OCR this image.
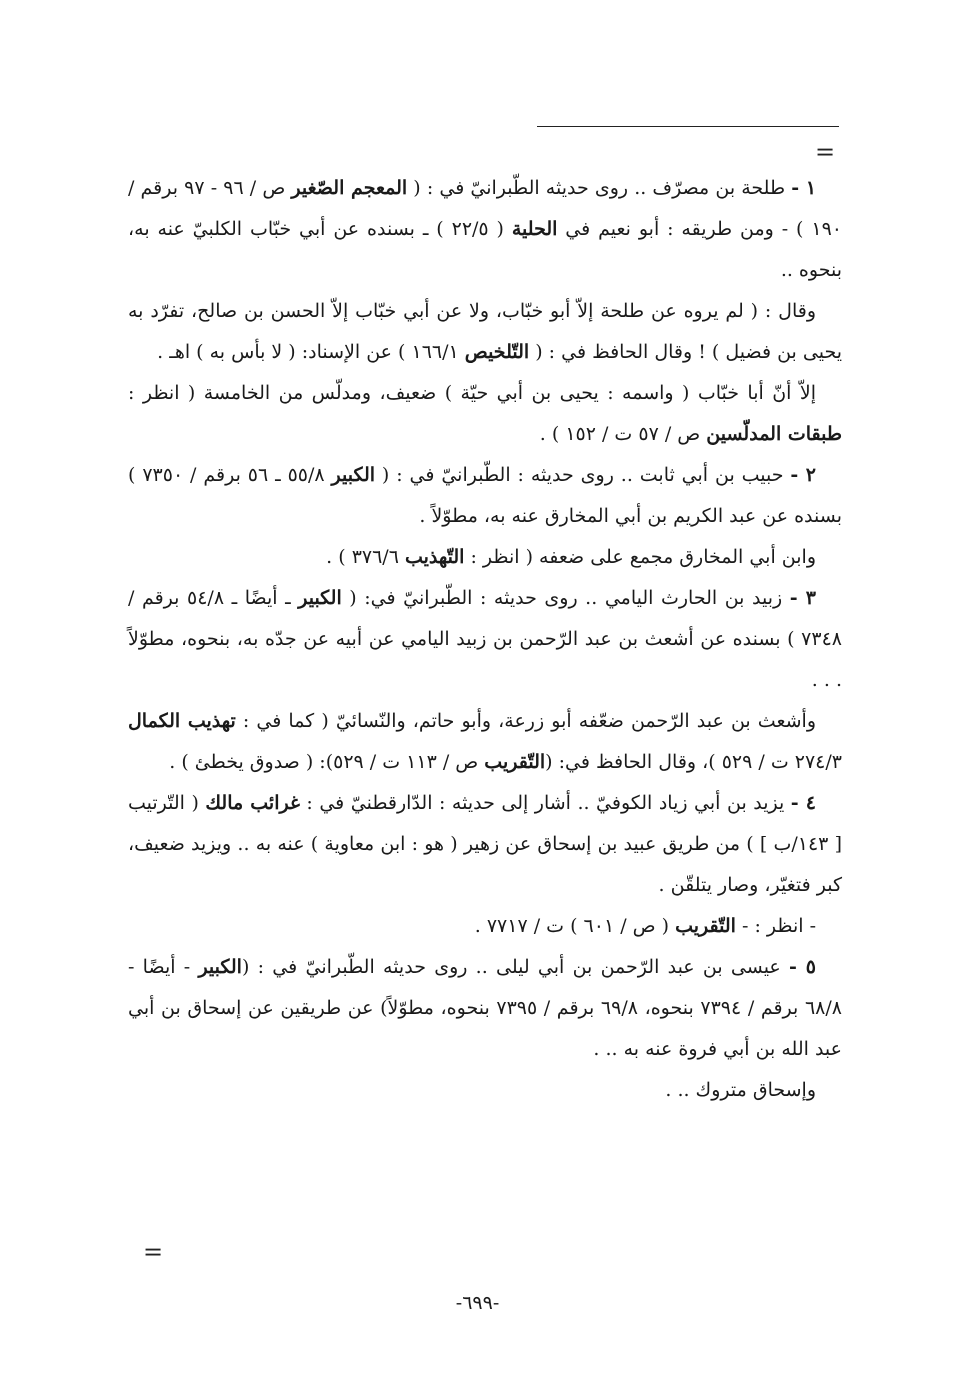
=

١ - طلحة بن مصرّف .. روى حديثه الطّبرانيّ في : ( المعجم الصّغير ص / ٩٦ - ٩٧ برقم / ١٩٠ ) - ومن طريقه : أبو نعيم في الحلية ( ٢٢/٥ ) ـ بسنده عن أبي خبّاب الكلبيّ عنه به، بنحوه ..

وقال : ( لم يروه عن طلحة إلاّ أبو خبّاب، ولا عن أبي خبّاب إلاّ الحسن بن صالح، تفرّد به يحيى بن فضيل ) ! وقال الحافظ في : ( التّلخيص ١٦٦/١ ) عن الإسناد: ( لا بأس به ) اهـ .

إلاّ أنّ أبا خبّاب ( واسمه : يحيى بن أبي حيّة ) ضعيف، ومدلّس من الخامسة ( انظر : طبقات المدلّسين ص / ٥٧ ت / ١٥٢ ) .

٢ - حبيب بن أبي ثابت .. روى حديثه : الطّبرانيّ في : ( الكبير ٥٥/٨ ـ ٥٦ برقم / ٧٣٥٠ ) بسنده عن عبد الكريم بن أبي المخارق عنه به، مطوّلاً .

وابن أبي المخارق مجمع على ضعفه ( انظر : التّهذيب ٣٧٦/٦ ) .

٣ - زبيد بن الحارث اليامي .. روى حديثه : الطّبرانيّ في: ( الكبير ـ أيضًا ـ ٥٤/٨ برقم / ٧٣٤٨ ) بسنده عن أشعث بن عبد الرّحمن بن زبيد اليامي عن أبيه عن جدّه به، بنحوه، مطوّلاً . . .

وأشعث بن عبد الرّحمن ضعّفه أبو زرعة، وأبو حاتم، والنّسائيّ ( كما في : تهذيب الكمال ٢٧٤/٣ ت / ٥٢٩ )، وقال الحافظ في: (التّقريب ص / ١١٣ ت / ٥٢٩): ( صدوق يخطئ ) .

٤ - يزيد بن أبي زياد الكوفيّ .. أشار إلى حديثه : الدّارقطنيّ في : غرائب مالك ( التّرتيب [ ١٤٣/ب ] ) من طريق عبيد بن إسحاق عن زهير ( هو : ابن معاوية ) عنه به .. ويزيد ضعيف، كبر فتغيّر، وصار يتلقّن .

- انظر : - التّقريب ( ص / ٦٠١ ) ت / ٧٧١٧ .

٥ - عيسى بن عبد الرّحمن بن أبي ليلى .. روى حديثه الطّبرانيّ في : (الكبير - أيضًا - ٦٨/٨ برقم / ٧٣٩٤ بنحوه، ٦٩/٨ برقم / ٧٣٩٥ بنحوه، مطوّلاً) عن طريقين عن إسحاق بن أبي عبد الله بن أبي فروة عنه به .. .

وإسحاق متروك .. .

=
-٦٩٩-
